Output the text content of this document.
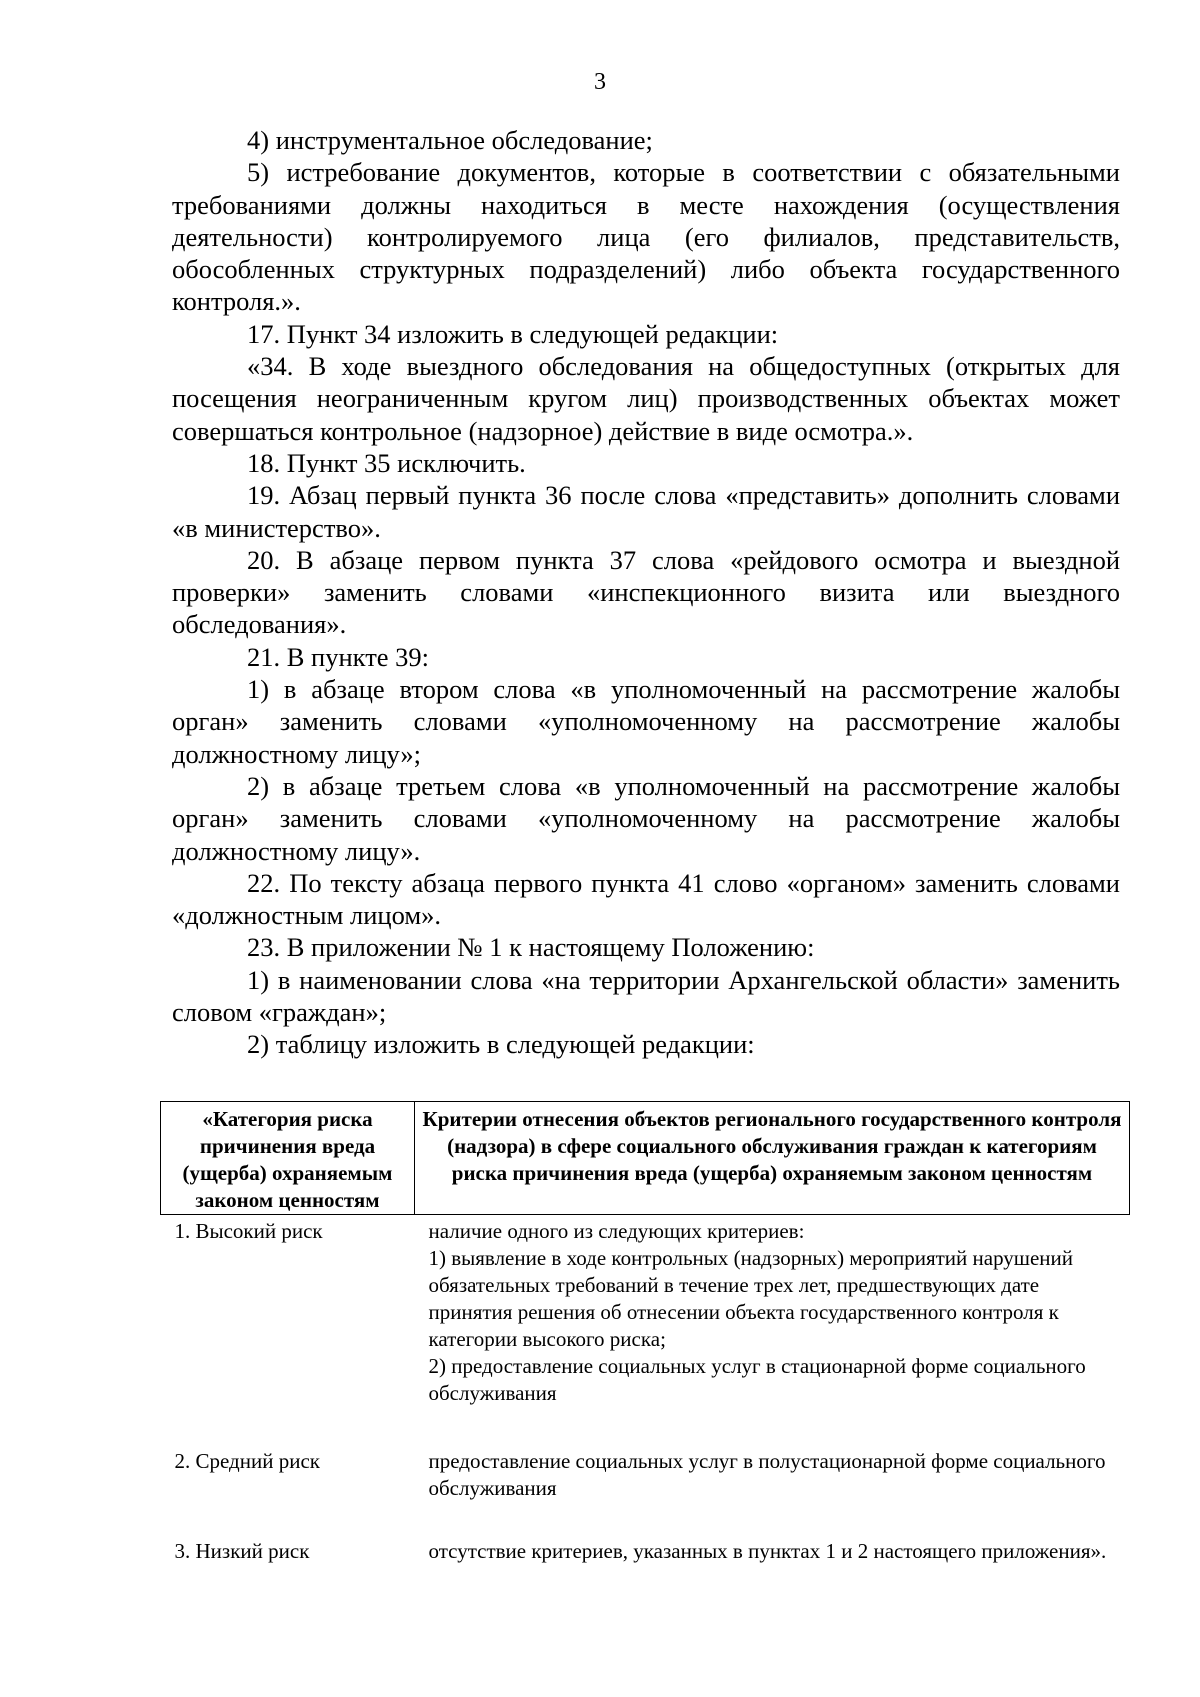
3

4) инструментальное обследование;

5) истребование документов, которые в соответствии с обязательными требованиями должны находиться в месте нахождения (осуществления деятельности) контролируемого лица (его филиалов, представительств, обособленных структурных подразделений) либо объекта государственного контроля.».

17. Пункт 34 изложить в следующей редакции:

«34. В ходе выездного обследования на общедоступных (открытых для посещения неограниченным кругом лиц) производственных объектах может совершаться контрольное (надзорное) действие в виде осмотра.».

18. Пункт 35 исключить.

19. Абзац первый пункта 36 после слова «представить» дополнить словами «в министерство».

20. В абзаце первом пункта 37 слова «рейдового осмотра и выездной проверки» заменить словами «инспекционного визита или выездного обследования».

21. В пункте 39:

1) в абзаце втором слова «в уполномоченный на рассмотрение жалобы орган» заменить словами «уполномоченному на рассмотрение жалобы должностному лицу»;

2) в абзаце третьем слова «в уполномоченный на рассмотрение жалобы орган» заменить словами «уполномоченному на рассмотрение жалобы должностному лицу».

22. По тексту абзаца первого пункта 41 слово «органом» заменить словами «должностным лицом».

23. В приложении № 1 к настоящему Положению:

1) в наименовании слова «на территории Архангельской области» заменить словом «граждан»;

2) таблицу изложить в следующей редакции:

«Категория риска причинения вреда (ущерба) охраняемым законом ценностям	Критерии отнесения объектов регионального государственного контроля (надзора) в сфере социального обслуживания граждан к категориям риска причинения вреда (ущерба) охраняемым законом ценностям
1. Высокий риск	наличие одного из следующих критериев:
1) выявление в ходе контрольных (надзорных) мероприятий нарушений обязательных требований в течение трех лет, предшествующих дате принятия решения об отнесении объекта государственного контроля к категории высокого риска;
2) предоставление социальных услуг в стационарной форме социального обслуживания

2. Средний риск	предоставление социальных услуг в полустационарной форме социального обслуживания

3. Низкий риск	отсутствие критериев, указанных в пунктах 1 и 2 настоящего приложения».
